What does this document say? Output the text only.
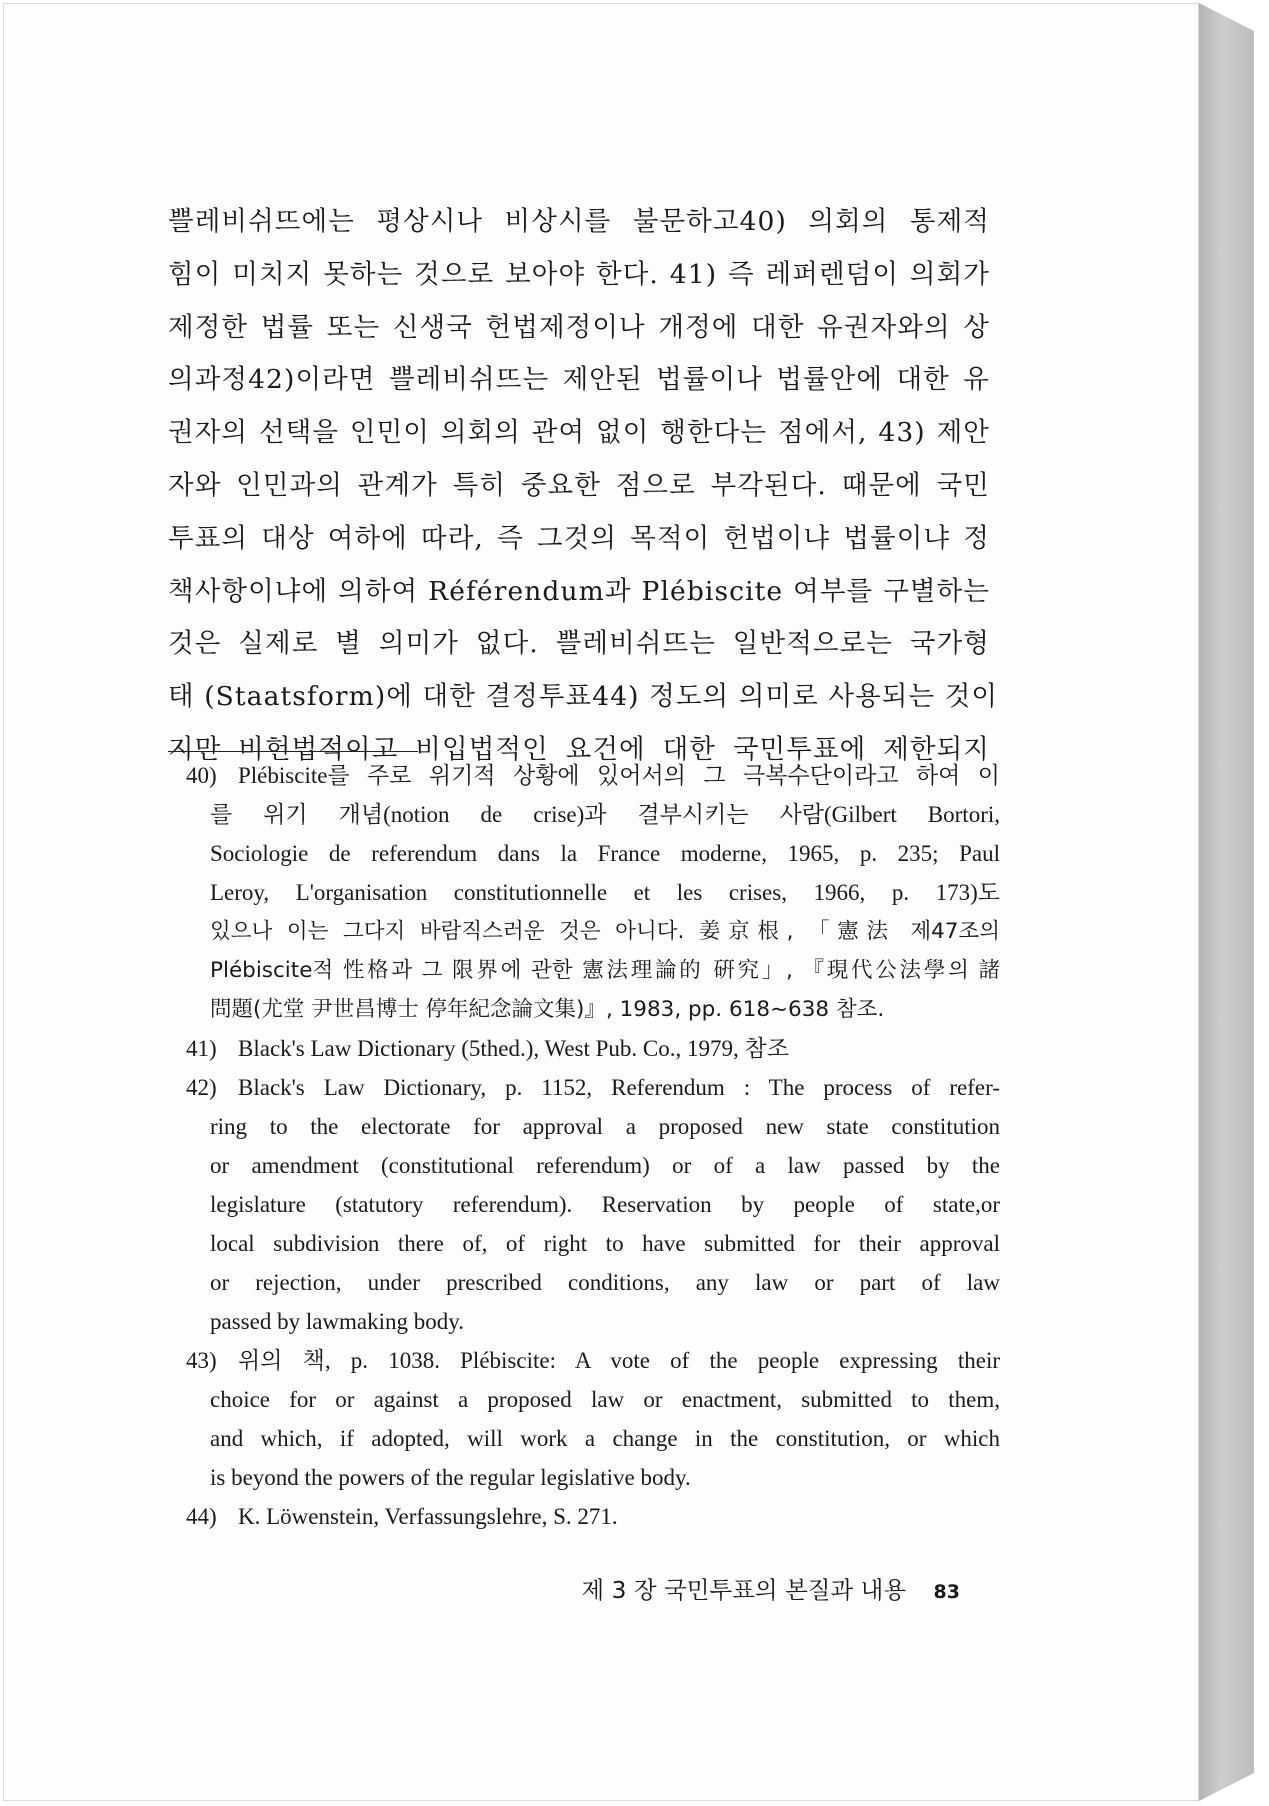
쁠레비쉬뜨에는 평상시나 비상시를 불문하고40) 의회의 통제적
힘이 미치지 못하는 것으로 보아야 한다. 41) 즉 레퍼렌덤이 의회가
제정한 법률 또는 신생국 헌법제정이나 개정에 대한 유권자와의 상
의과정42)이라면 쁠레비쉬뜨는 제안된 법률이나 법률안에 대한 유
권자의 선택을 인민이 의회의 관여 없이 행한다는 점에서, 43) 제안
자와 인민과의 관계가 특히 중요한 점으로 부각된다. 때문에 국민
투표의 대상 여하에 따라, 즉 그것의 목적이 헌법이냐 법률이냐 정
책사항이냐에 의하여 Référendum과 Plébiscite 여부를 구별하는
것은 실제로 별 의미가 없다. 쁠레비쉬뜨는 일반적으로는 국가형
태 (Staatsform)에 대한 결정투표44) 정도의 의미로 사용되는 것이
지만 비헌법적이고 비입법적인 요건에 대한 국민투표에 제한되지
40) Plébiscite를 주로 위기적 상황에 있어서의 그 극복수단이라고 하여 이
를 위기 개념(notion de crise)과 결부시키는 사람(Gilbert Bortori,
Sociologie de referendum dans la France moderne, 1965, p. 235; Paul
Leroy, L'organisation constitutionnelle et les crises, 1966, p. 173)도
있으나 이는 그다지 바람직스러운 것은 아니다. 姜京根, 「憲法 제47조의
Plébiscite적 性格과 그 限界에 관한 憲法理論的 硏究」, 『現代公法學의 諸
問題(尤堂 尹世昌博士 停年紀念論文集)』, 1983, pp. 618~638 참조.
41) Black's Law Dictionary (5thed.), West Pub. Co., 1979, 참조
42) Black's Law Dictionary, p. 1152, Referendum : The process of refer-
ring to the electorate for approval a proposed new state constitution
or amendment (constitutional referendum) or of a law passed by the
legislature (statutory referendum). Reservation by people of state,or
local subdivision there of, of right to have submitted for their approval
or rejection, under prescribed conditions, any law or part of law
passed by lawmaking body.
43) 위의 책, p. 1038. Plébiscite: A vote of the people expressing their
choice for or against a proposed law or enactment, submitted to them,
and which, if adopted, will work a change in the constitution, or which
is beyond the powers of the regular legislative body.
44) K. Löwenstein, Verfassungslehre, S. 271.
제 3 장 국민투표의 본질과 내용 83
